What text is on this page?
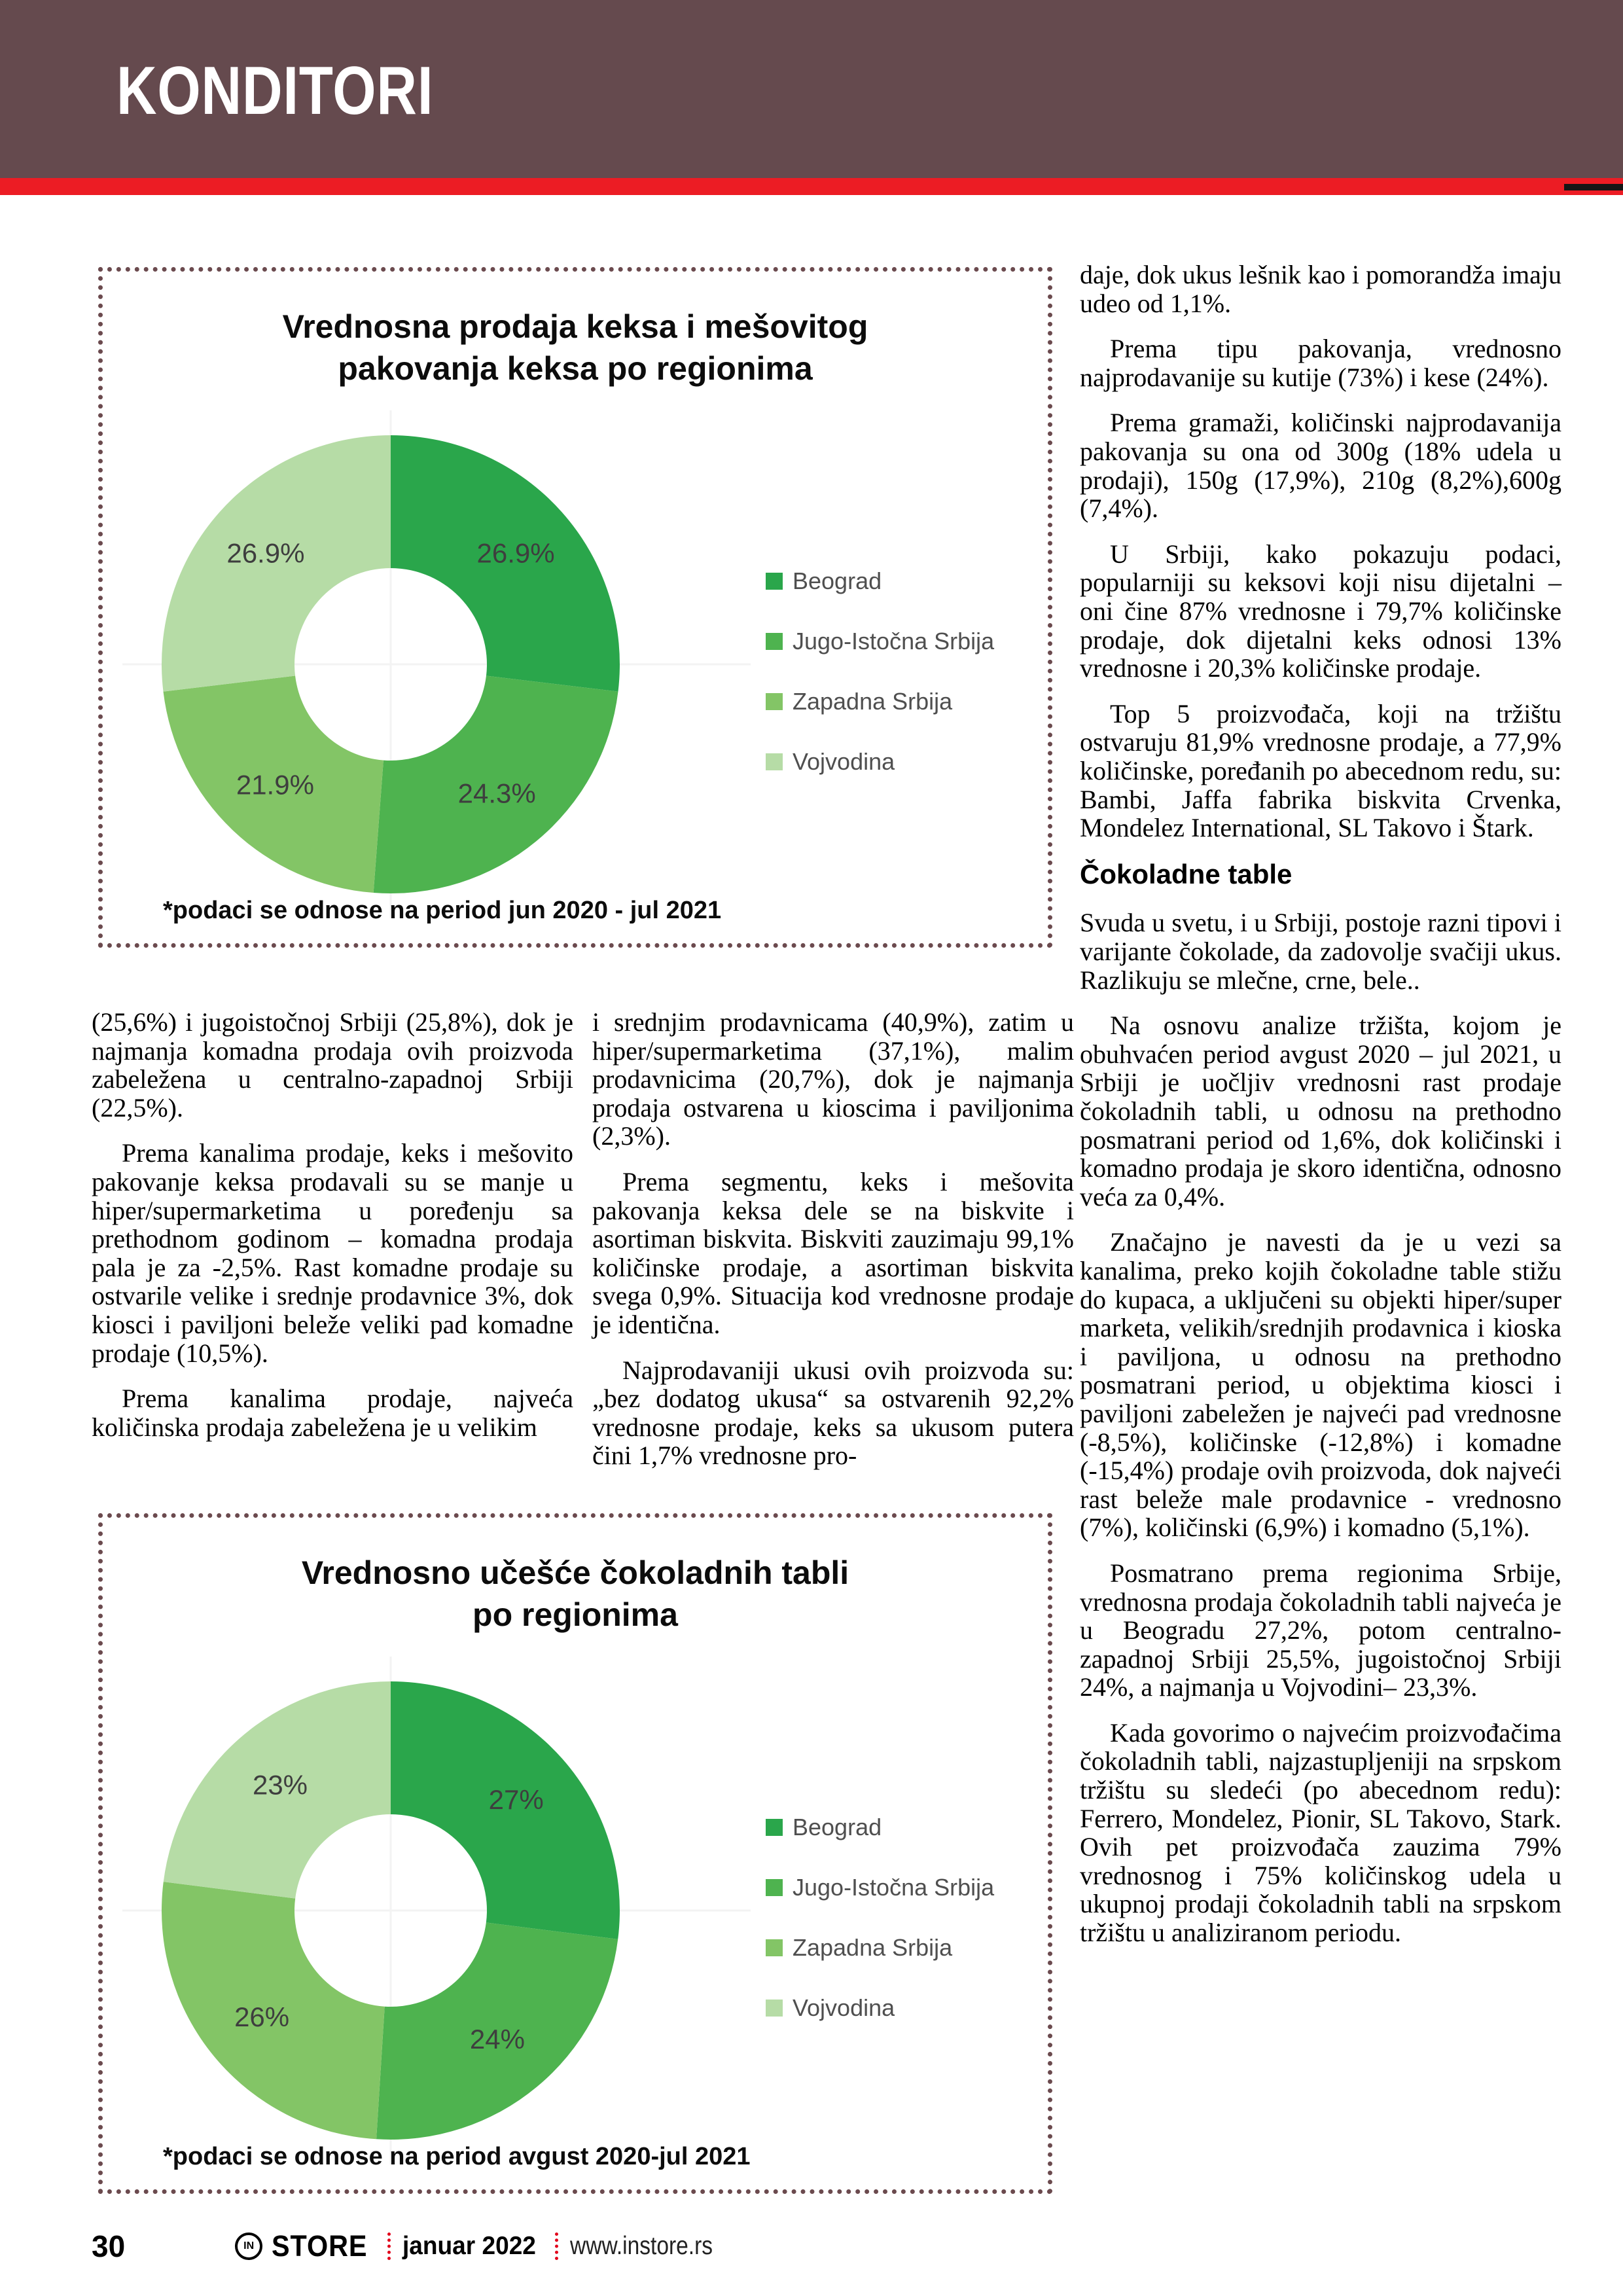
KONDITORI
Vrednosna prodaja keksa i mešovitog
pakovanja keksa po regionima
26.9%
24.3%
21.9%
26.9%
Beograd
Jugo-Istočna Srbija
Zapadna Srbija
Vojvodina
*podaci se odnose na period jun 2020 - jul 2021

(25,6%) i jugoistočnoj Srbiji (25,8%), dok je najmanja komadna prodaja ovih proizvoda zabeležena u centralno-zapadnoj Srbiji (22,5%).

Prema kanalima prodaje, keks i mešovito pakovanje keksa prodavali su se manje u hiper/supermarketima u poređenju sa prethodnom godinom – komadna prodaja pala je za -2,5%. Rast komadne prodaje su ostvarile velike i srednje prodavnice 3%, dok kiosci i paviljoni beleže veliki pad komadne prodaje (10,5%).

Prema kanalima prodaje, najveća količinska prodaja zabeležena je u velikim

i srednjim prodavnicama (40,9%), zatim u hiper/supermarketima (37,1%), malim prodavnicima (20,7%), dok je najmanja prodaja ostvarena u kioscima i paviljonima (2,3%).

Prema segmentu, keks i mešovita pakovanja keksa dele se na biskvite i asortiman biskvita. Biskviti zauzimaju 99,1% količinske prodaje, a asortiman biskvita svega 0,9%. Situacija kod vrednosne prodaje je identična.

Najprodavaniji ukusi ovih proizvoda su: „bez dodatog ukusa“ sa ostvarenih 92,2% vrednosne prodaje, keks sa ukusom putera čini 1,7% vrednosne pro-

daje, dok ukus lešnik kao i pomorandža imaju udeo od 1,1%.

Prema tipu pakovanja, vrednosno najprodavanije su kutije (73%) i kese (24%).

Prema gramaži, količinski najprodavanija pakovanja su ona od 300g (18% udela u prodaji), 150g (17,9%), 210g (8,2%),600g (7,4%).

U Srbiji, kako pokazuju podaci, popularniji su keksovi koji nisu dijetalni – oni čine 87% vrednosne i 79,7% količinske prodaje, dok dijetalni keks odnosi 13% vrednosne i 20,3% količinske prodaje.

Top 5 proizvođača, koji na tržištu ostvaruju 81,9% vrednosne prodaje, a 77,9% količinske, poređanih po abecednom redu, su: Bambi, Jaffa fabrika biskvita Crvenka, Mondelez International, SL Takovo i Štark.

Čokoladne table

Svuda u svetu, i u Srbiji, postoje razni tipovi i varijante čokolade, da zadovolje svačiji ukus. Razlikuju se mlečne, crne, bele..

Na osnovu analize tržišta, kojom je obuhvaćen period avgust 2020 – jul 2021, u Srbiji je uočljiv vrednosni rast prodaje čokoladnih tabli, u odnosu na prethodno posmatrani period od 1,6%, dok količinski i komadno prodaja je skoro identična, odnosno veća za 0,4%.

Značajno je navesti da je u vezi sa kanalima, preko kojih čokoladne table stižu do kupaca, a uključeni su objekti hiper/super marketa, velikih/srednjih prodavnica i kioska i paviljona, u odnosu na prethodno posmatrani period, u objektima kiosci i paviljoni zabeležen je najveći pad vrednosne (-8,5%), količinske (-12,8%) i komadne (-15,4%) prodaje ovih proizvoda, dok najveći rast beleže male prodavnice - vrednosno (7%), količinski (6,9%) i komadno (5,1%).

Posmatrano prema regionima Srbije, vrednosna prodaja čokoladnih tabli najveća je u Beogradu 27,2%, potom centralno-zapadnoj Srbiji 25,5%, jugoistočnoj Srbiji 24%, a najmanja u Vojvodini– 23,3%.

Kada govorimo o najvećim proizvođačima čokoladnih tabli, najzastupljeniji na srpskom tržištu su sledeći (po abecednom redu): Ferrero, Mondelez, Pionir, SL Takovo, Stark. Ovih pet proizvođača zauzima 79% vrednosnog i 75% količinskog udela u ukupnoj prodaji čokoladnih tabli na srpskom tržištu u analiziranom periodu.

Vrednosno učešće čokoladnih tabli
po regionima
27%
24%
26%
23%
Beograd
Jugo-Istočna Srbija
Zapadna Srbija
Vojvodina
*podaci se odnose na period avgust 2020-jul 2021
30	IN STORE januar 2022 www.instore.rs
